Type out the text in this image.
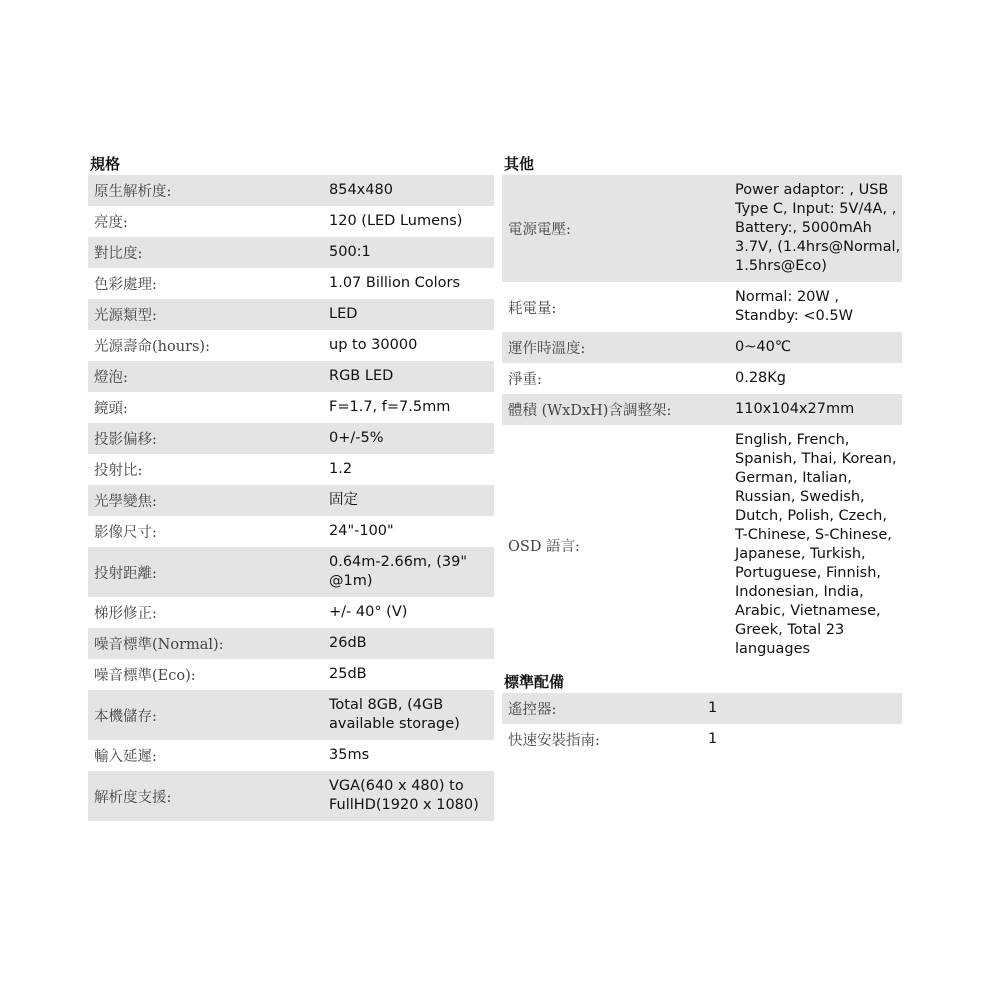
規格
原生解析度:	854x480
亮度:	120 (LED Lumens)
對比度:	500:1
色彩處理:	1.07 Billion Colors
光源類型:	LED
光源壽命(hours):	up to 30000
燈泡:	RGB LED
鏡頭:	F=1.7, f=7.5mm
投影偏移:	0+/-5%
投射比:	1.2
光學變焦:	固定
影像尺寸:	24"-100"
投射距離:	0.64m-2.66m, (39" @1m)
梯形修正:	+/- 40° (V)
噪音標準(Normal):	26dB
噪音標準(Eco):	25dB
本機儲存:	Total 8GB, (4GB available storage)
輸入延遲:	35ms
解析度支援:	VGA(640 x 480) to FullHD(1920 x 1080)
其他
電源電壓:	Power adaptor: , USB Type C, Input: 5V/4A, , Battery:, 5000mAh 3.7V, (1.4hrs@Normal, 1.5hrs@Eco)
耗電量:	Normal: 20W , Standby: <0.5W
運作時溫度:	0~40℃
淨重:	0.28Kg
體積 (WxDxH)含調整架:	110x104x27mm
OSD 語言:	English, French, Spanish, Thai, Korean, German, Italian, Russian, Swedish, Dutch, Polish, Czech, T-Chinese, S-Chinese, Japanese, Turkish, Portuguese, Finnish, Indonesian, India, Arabic, Vietnamese, Greek, Total 23 languages
標準配備
遙控器:	1
快速安裝指南:	1
